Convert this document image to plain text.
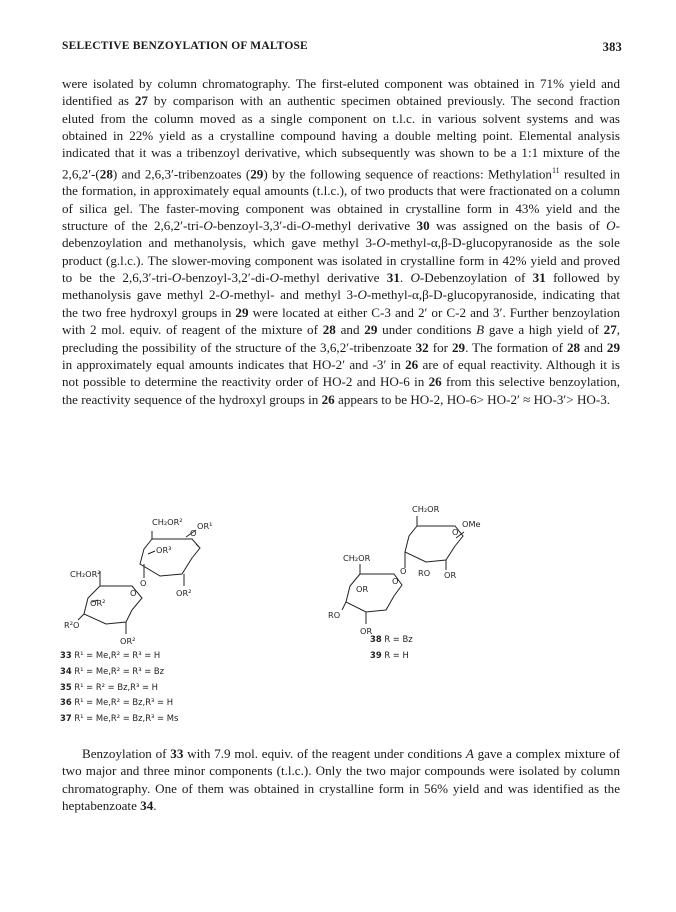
SELECTIVE BENZOYLATION OF MALTOSE	383

were isolated by column chromatography. The first-eluted component was obtained in 71% yield and identified as 27 by comparison with an authentic specimen obtained previously. The second fraction eluted from the column moved as a single component on t.l.c. in various solvent systems and was obtained in 22% yield as a crystalline compound having a double melting point. Elemental analysis indicated that it was a tribenzoyl derivative, which subsequently was shown to be a 1:1 mixture of the 2,6,2′-(28) and 2,6,3′-tribenzoates (29) by the following sequence of reactions: Methylation$^{11}$ resulted in the formation, in approximately equal amounts (t.l.c.), of two products that were fractionated on a column of silica gel. The faster-moving component was obtained in crystalline form in 43% yield and the structure of the 2,6,2′-tri-O-benzoyl-3,3′-di-O-methyl derivative 30 was assigned on the basis of O-debenzoylation and methanolysis, which gave methyl 3-O-methyl-α,β-D-glucopyranoside as the sole product (g.l.c.). The slower-moving component was isolated in crystalline form in 42% yield and proved to be the 2,6,3′-tri-O-benzoyl-3,2′-di-O-methyl derivative 31. O-Debenzoylation of 31 followed by methanolysis gave methyl 2-O-methyl- and methyl 3-O-methyl-α,β-D-glucopyranoside, indicating that the two free hydroxyl groups in 29 were located at either C-3 and 2′ or C-2 and 3′. Further benzoylation with 2 mol. equiv. of reagent of the mixture of 28 and 29 under conditions B gave a high yield of 27, precluding the possibility of the structure of the 3,6,2′-tribenzoate 32 for 29. The formation of 28 and 29 in approximately equal amounts indicates that HO-2′ and -3′ in 26 are of equal reactivity. Although it is not possible to determine the reactivity order of HO-2 and HO-6 in 26 from this selective benzoylation, the reactivity sequence of the hydroxyl groups in 26 appears to be HO-2, HO-6> HO-2′ ≈ HO-3′> HO-3.

CH₂OR²
O
OR¹
OR³
OR²
O
CH₂OR²
O
OR²
R²O
OR²
CH₂OR
O
OMe
RO OR
O
CH₂OR
O
OR
RO
OR
33 R¹ = Me,R² = R³ = H
34 R¹ = Me,R² = R³ = Bz
35 R¹ = R² = Bz,R³ = H
36 R¹ = Me,R² = Bz,R³ = H
37 R¹ = Me,R² = Bz,R³ = Ms
38 R = Bz
39 R = H

Benzoylation of 33 with 7.9 mol. equiv. of the reagent under conditions A gave a complex mixture of two major and three minor components (t.l.c.). Only the two major compounds were isolated by column chromatography. One of them was obtained in crystalline form in 56% yield and was identified as the heptabenzoate 34.
